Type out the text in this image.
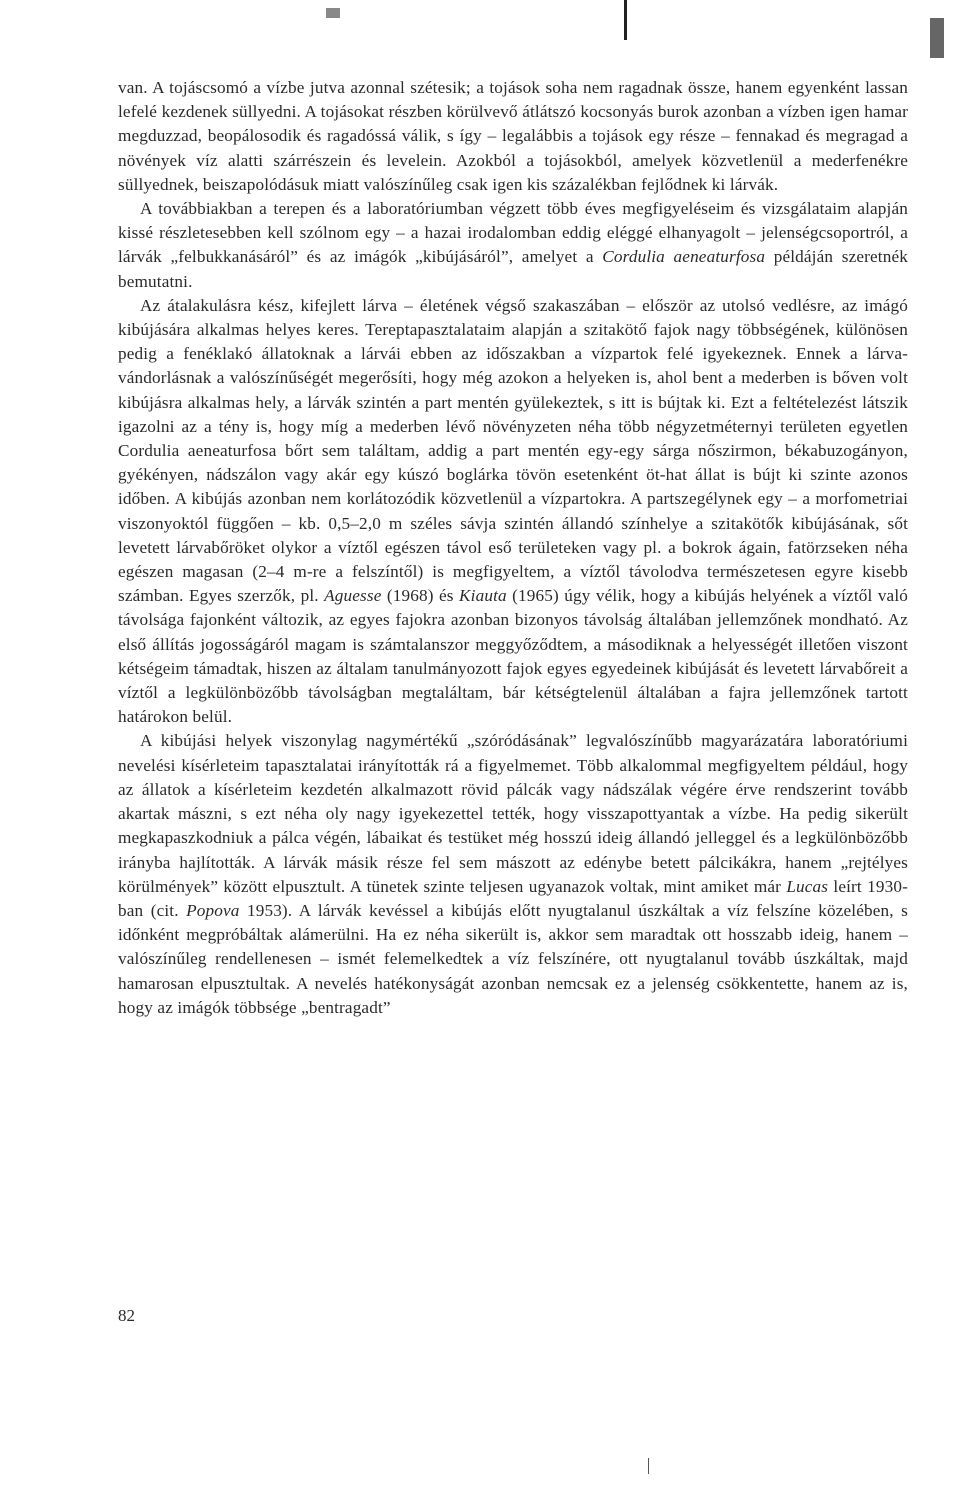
van. A tojáscsomó a vízbe jutva azonnal szétesik; a tojások soha nem ragadnak össze, hanem egyenként lassan lefelé kezdenek süllyedni. A tojásokat részben körülvevő átlátszó kocsonyás burok azonban a vízben igen hamar megduzzad, beopálosodik és ragadóssá válik, s így – legalábbis a tojások egy része – fennakad és megragad a növények víz alatti szárrészein és levelein. Azokból a tojásokból, amelyek közvetlenül a mederfenékre süllyednek, beiszapolódásuk miatt valószínűleg csak igen kis százalékban fejlődnek ki lárvák.

A továbbiakban a terepen és a laboratóriumban végzett több éves megfigyeléseim és vizsgálataim alapján kissé részletesebben kell szólnom egy – a hazai irodalomban eddig eléggé elhanyagolt – jelenségcsoportról, a lárvák „felbukkanásáról” és az imágók „kibújásáról”, amelyet a Cordulia aeneaturfosa példáján szeretnék bemutatni.

Az átalakulásra kész, kifejlett lárva – életének végső szakaszában – először az utolsó vedlésre, az imágó kibújására alkalmas helyes keres. Tereptapasztalataim alapján a szitakötő fajok nagy többségének, különösen pedig a fenéklakó állatoknak a lárvái ebben az időszakban a vízpartok felé igyekeznek. Ennek a lárva-vándorlásnak a valószínűségét megerősíti, hogy még azokon a helyeken is, ahol bent a mederben is bőven volt kibújásra alkalmas hely, a lárvák szintén a part mentén gyülekeztek, s itt is bújtak ki. Ezt a feltételezést látszik igazolni az a tény is, hogy míg a mederben lévő növényzeten néha több négyzetméternyi területen egyetlen Cordulia aeneaturfosa bőrt sem találtam, addig a part mentén egy-egy sárga nőszirmon, békabuzogányon, gyékényen, nádszálon vagy akár egy kúszó boglárka tövön esetenként öt-hat állat is bújt ki szinte azonos időben. A kibújás azonban nem korlátozódik közvetlenül a vízpartokra. A partszegélynek egy – a morfometriai viszonyoktól függően – kb. 0,5–2,0 m széles sávja szintén állandó színhelye a szitakötők kibújásának, sőt levetett lárvabőröket olykor a víztől egészen távol eső területeken vagy pl. a bokrok ágain, fatörzseken néha egészen magasan (2–4 m-re a felszíntől) is megfigyeltem, a víztől távolodva természetesen egyre kisebb számban. Egyes szerzők, pl. Aguesse (1968) és Kiauta (1965) úgy vélik, hogy a kibújás helyének a víztől való távolsága fajonként változik, az egyes fajokra azonban bizonyos távolság általában jellemzőnek mondható. Az első állítás jogosságáról magam is számtalanszor meggyőződtem, a másodiknak a helyességét illetően viszont kétségeim támadtak, hiszen az általam tanulmányozott fajok egyes egyedeinek kibújását és levetett lárvabőreit a víztől a legkülönbözőbb távolságban megtaláltam, bár kétségtelenül általában a fajra jellemzőnek tartott határokon belül.

A kibújási helyek viszonylag nagymértékű „szóródásának” legvalószínűbb magyarázatára laboratóriumi nevelési kísérleteim tapasztalatai irányították rá a figyelmemet. Több alkalommal megfigyeltem például, hogy az állatok a kísérleteim kezdetén alkalmazott rövid pálcák vagy nádszálak végére érve rendszerint tovább akartak mászni, s ezt néha oly nagy igyekezettel tették, hogy visszapottyantak a vízbe. Ha pedig sikerült megkapaszkodniuk a pálca végén, lábaikat és testüket még hosszú ideig állandó jelleggel és a legkülönbözőbb irányba hajlították. A lárvák másik része fel sem mászott az edénybe betett pálcikákra, hanem „rejtélyes körülmények” között elpusztult. A tünetek szinte teljesen ugyanazok voltak, mint amiket már Lucas leírt 1930-ban (cit. Popova 1953). A lárvák kevéssel a kibújás előtt nyugtalanul úszkáltak a víz felszíne közelében, s időnként megpróbáltak alámerülni. Ha ez néha sikerült is, akkor sem maradtak ott hosszabb ideig, hanem – valószínűleg rendellenesen – ismét felemelkedtek a víz felszínére, ott nyugtalanul tovább úszkáltak, majd hamarosan elpusztultak. A nevelés hatékonyságát azonban nemcsak ez a jelenség csökkentette, hanem az is, hogy az imágók többsége „bentragadt”

82
